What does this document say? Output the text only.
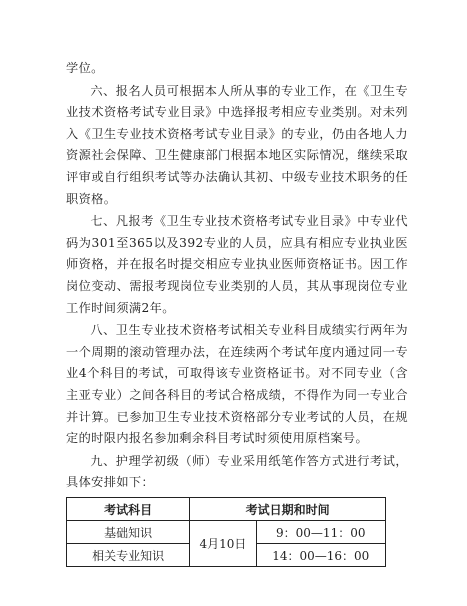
学位。

六、报名人员可根据本人所从事的专业工作，在《卫生专业技术资格考试专业目录》中选择报考相应专业类别。对未列入《卫生专业技术资格考试专业目录》的专业，仍由各地人力资源社会保障、卫生健康部门根据本地区实际情况，继续采取评审或自行组织考试等办法确认其初、中级专业技术职务的任职资格。

七、凡报考《卫生专业技术资格考试专业目录》中专业代码为301至365以及392专业的人员，应具有相应专业执业医师资格，并在报名时提交相应专业执业医师资格证书。因工作岗位变动、需报考现岗位专业类别的人员，其从事现岗位专业工作时间须满2年。

八、卫生专业技术资格考试相关专业科目成绩实行两年为一个周期的滚动管理办法，在连续两个考试年度内通过同一专业4个科目的考试，可取得该专业资格证书。对不同专业（含主亚专业）之间各科目的考试合格成绩，不得作为同一专业合并计算。已参加卫生专业技术资格部分专业考试的人员，在规定的时限内报名参加剩余科目考试时须使用原档案号。

九、护理学初级（师）专业采用纸笔作答方式进行考试，具体安排如下：

考试科目	考试日期和时间	
基础知识	4月10日	9：00—11：00
相关专业知识		14：00—16：00
